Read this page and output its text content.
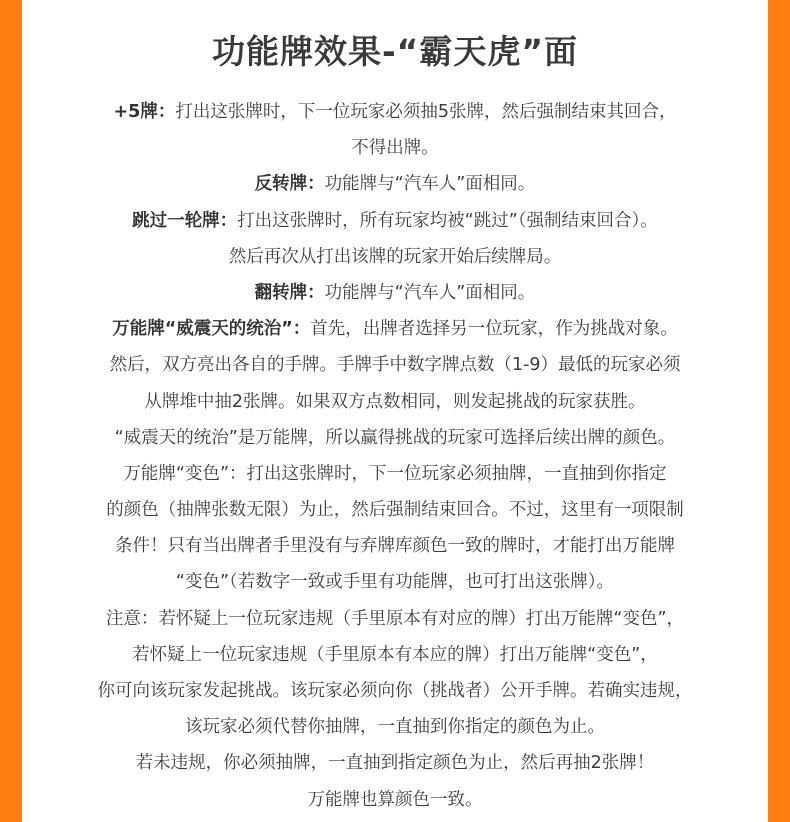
功能牌效果-“霸天虎”面
+5牌：打出这张牌时，下一位玩家必须抽5张牌，然后强制结束其回合，
不得出牌。
反转牌：功能牌与“汽车人”面相同。
跳过一轮牌：打出这张牌时，所有玩家均被“跳过”（强制结束回合）。
然后再次从打出该牌的玩家开始后续牌局。
翻转牌：功能牌与“汽车人”面相同。
万能牌“威震天的统治”：首先，出牌者选择另一位玩家，作为挑战对象。
然后，双方亮出各自的手牌。手牌手中数字牌点数（1-9）最低的玩家必须
从牌堆中抽2张牌。如果双方点数相同，则发起挑战的玩家获胜。
“威震天的统治”是万能牌，所以赢得挑战的玩家可选择后续出牌的颜色。
万能牌“变色”：打出这张牌时，下一位玩家必须抽牌，一直抽到你指定
的颜色（抽牌张数无限）为止，然后强制结束回合。不过，这里有一项限制
条件！只有当出牌者手里没有与弃牌库颜色一致的牌时，才能打出万能牌
“变色”（若数字一致或手里有功能牌，也可打出这张牌）。
注意：若怀疑上一位玩家违规（手里原本有对应的牌）打出万能牌“变色”，
若怀疑上一位玩家违规（手里原本有本应的牌）打出万能牌“变色”，
你可向该玩家发起挑战。该玩家必须向你（挑战者）公开手牌。若确实违规，
该玩家必须代替你抽牌，一直抽到你指定的颜色为止。
若未违规，你必须抽牌，一直抽到指定颜色为止，然后再抽2张牌！
万能牌也算颜色一致。
